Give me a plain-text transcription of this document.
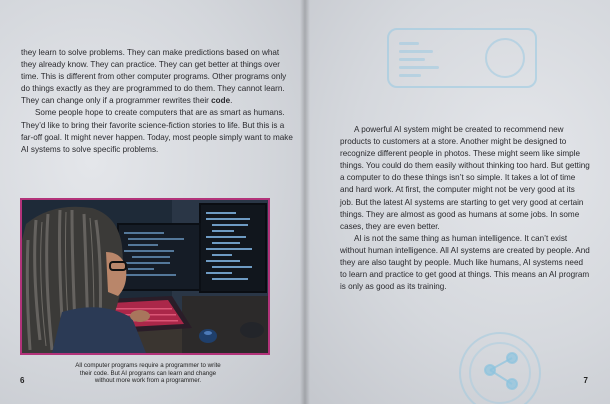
they learn to solve problems. They can make predictions based on what they already know. They can practice. They can get better at things over time. This is different from other computer programs. Other programs only do things exactly as they are programmed to do them. They cannot learn. They can change only if a programmer rewrites their code.

Some people hope to create computers that are as smart as humans. They’d like to bring their favorite science-fiction stories to life. But this is a far-off goal. It might never happen. Today, most people simply want to make AI systems to solve specific problems.

All computer programs require a programmer to write their code. But AI programs can learn and change without more work from a programmer.

6

A powerful AI system might be created to recommend new products to customers at a store. Another might be designed to recognize different people in photos. These might seem like simple things. You could do them easily without thinking too hard. But getting a computer to do these things isn’t so simple. It takes a lot of time and hard work. At first, the computer might not be very good at its job. But the latest AI systems are starting to get very good at certain things. They are almost as good as humans at some jobs. In some cases, they are even better.

AI is not the same thing as human intelligence. It can’t exist without human intelligence. All AI systems are created by people. And they are also taught by people. Much like humans, AI systems need to learn and practice to get good at things. This means an AI program is only as good as its training.

7
